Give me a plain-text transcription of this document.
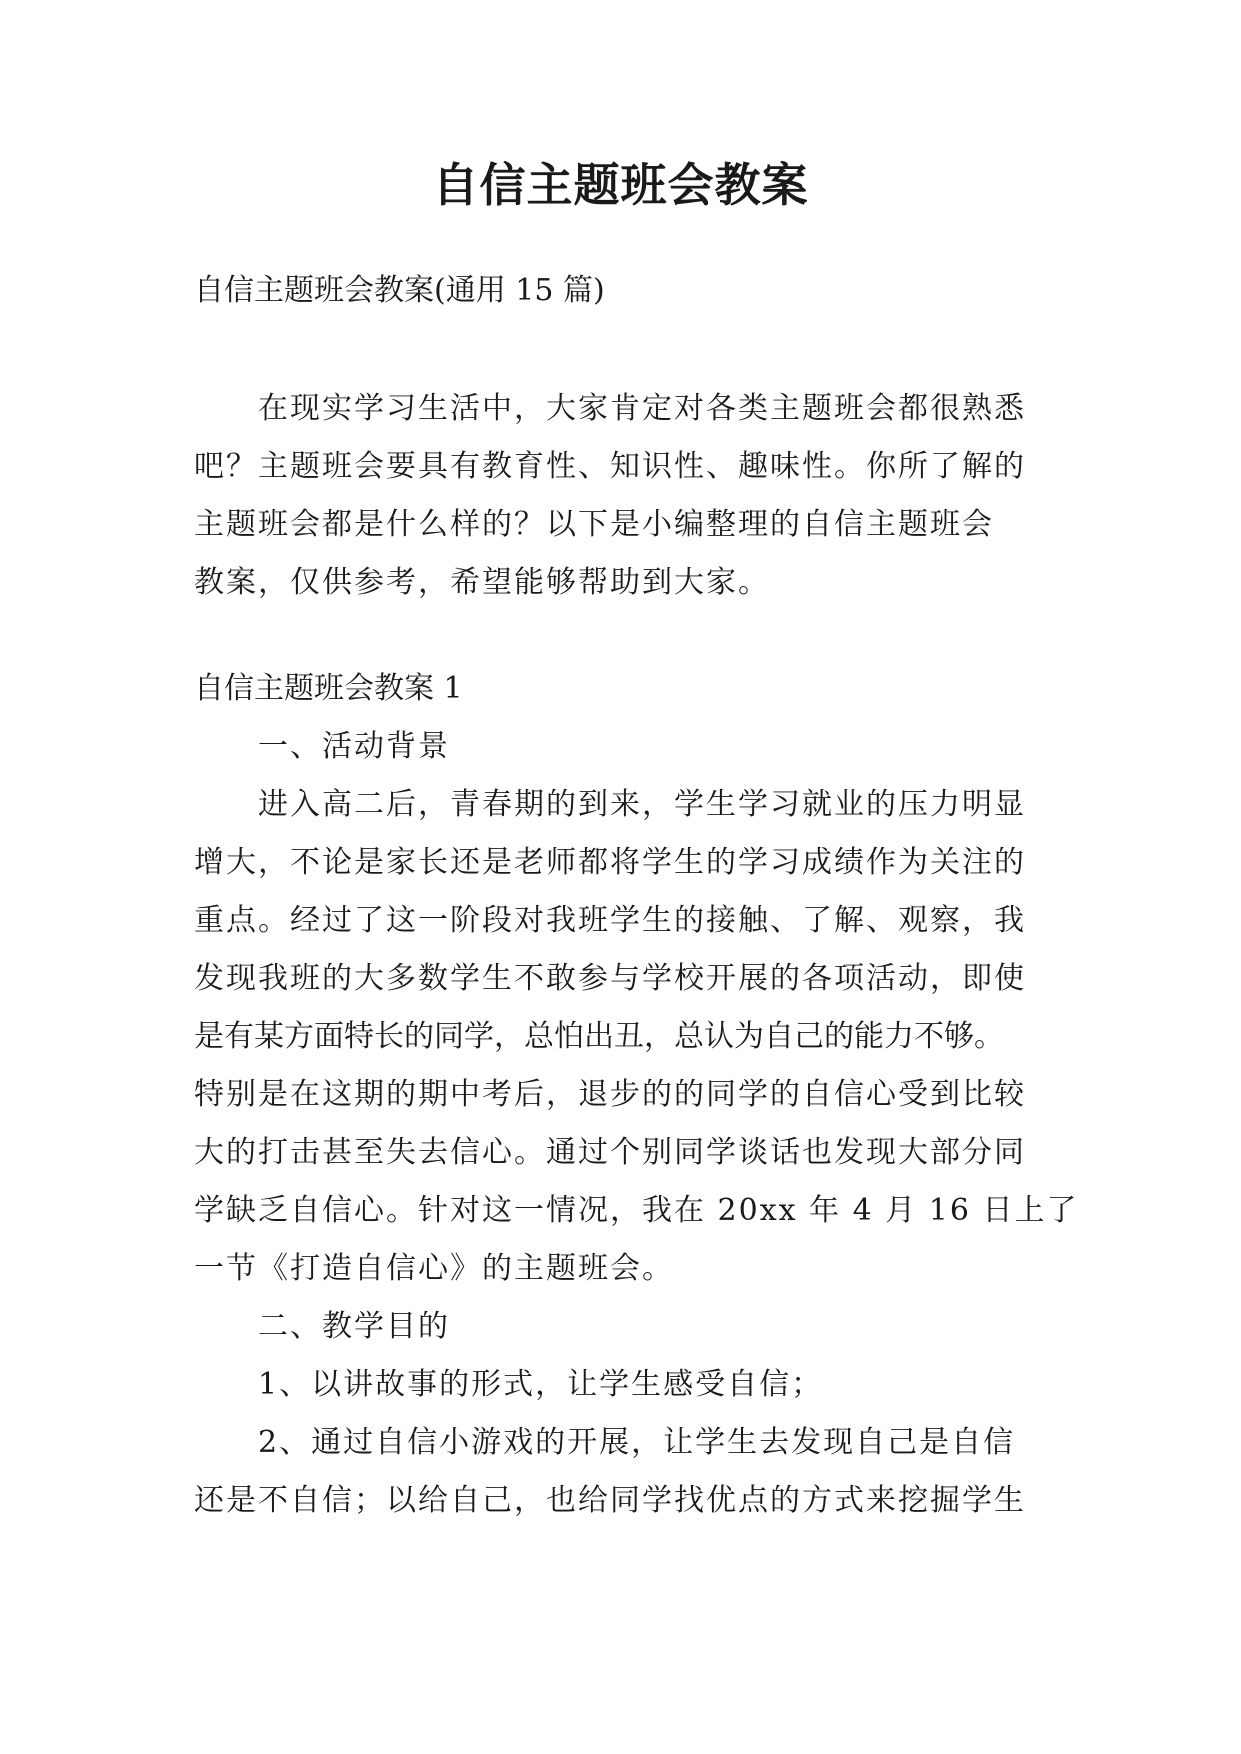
自信主题班会教案

自信主题班会教案(通用 15 篇)

在现实学习生活中，大家肯定对各类主题班会都很熟悉

吧？主题班会要具有教育性、知识性、趣味性。你所了解的

主题班会都是什么样的？以下是小编整理的自信主题班会

教案，仅供参考，希望能够帮助到大家。

自信主题班会教案 1

一、活动背景

进入高二后，青春期的到来，学生学习就业的压力明显

增大，不论是家长还是老师都将学生的学习成绩作为关注的

重点。经过了这一阶段对我班学生的接触、了解、观察，我

发现我班的大多数学生不敢参与学校开展的各项活动，即使

是有某方面特长的同学，总怕出丑，总认为自己的能力不够。

特别是在这期的期中考后，退步的的同学的自信心受到比较

大的打击甚至失去信心。通过个别同学谈话也发现大部分同

学缺乏自信心。针对这一情况，我在 20xx 年 4 月 16 日上了

一节《打造自信心》的主题班会。

二、教学目的

1、以讲故事的形式，让学生感受自信；

2、通过自信小游戏的开展，让学生去发现自己是自信

还是不自信；以给自己，也给同学找优点的方式来挖掘学生
